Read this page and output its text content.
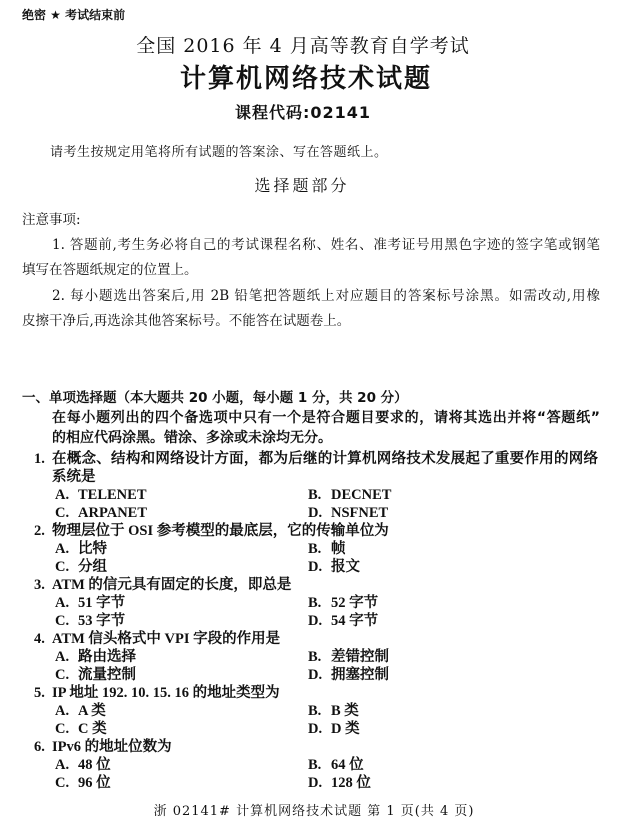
绝密 ★ 考试结束前
全国 2016 年 4 月高等教育自学考试
计算机网络技术试题
课程代码:02141
请考生按规定用笔将所有试题的答案涂、写在答题纸上。
选择题部分
注意事项:
1. 答题前,考生务必将自己的考试课程名称、姓名、准考证号用黑色字迹的签字笔或钢笔
填写在答题纸规定的位置上。
2. 每小题选出答案后,用 2B 铅笔把答题纸上对应题目的答案标号涂黑。如需改动,用橡
皮擦干净后,再选涂其他答案标号。不能答在试题卷上。
一、单项选择题（本大题共 20 小题，每小题 1 分，共 20 分）
在每小题列出的四个备选项中只有一个是符合题目要求的，请将其选出并将“答题纸”
的相应代码涂黑。错涂、多涂或未涂均无分。
1. 在概念、结构和网络设计方面，都为后继的计算机网络技术发展起了重要作用的网络
系统是
A. TELENET	B. DECNET
C. ARPANET	D. NSFNET
2. 物理层位于 OSI 参考模型的最底层，它的传输单位为
A. 比特	B. 帧
C. 分组	D. 报文
3. ATM 的信元具有固定的长度，即总是
A. 51 字节	B. 52 字节
C. 53 字节	D. 54 字节
4. ATM 信头格式中 VPI 字段的作用是
A. 路由选择	B. 差错控制
C. 流量控制	D. 拥塞控制
5. IP 地址 192. 10. 15. 16 的地址类型为
A. A 类	B. B 类
C. C 类	D. D 类
6. IPv6 的地址位数为
A. 48 位	B. 64 位
C. 96 位	D. 128 位
浙 02141# 计算机网络技术试题 第 1 页(共 4 页)
